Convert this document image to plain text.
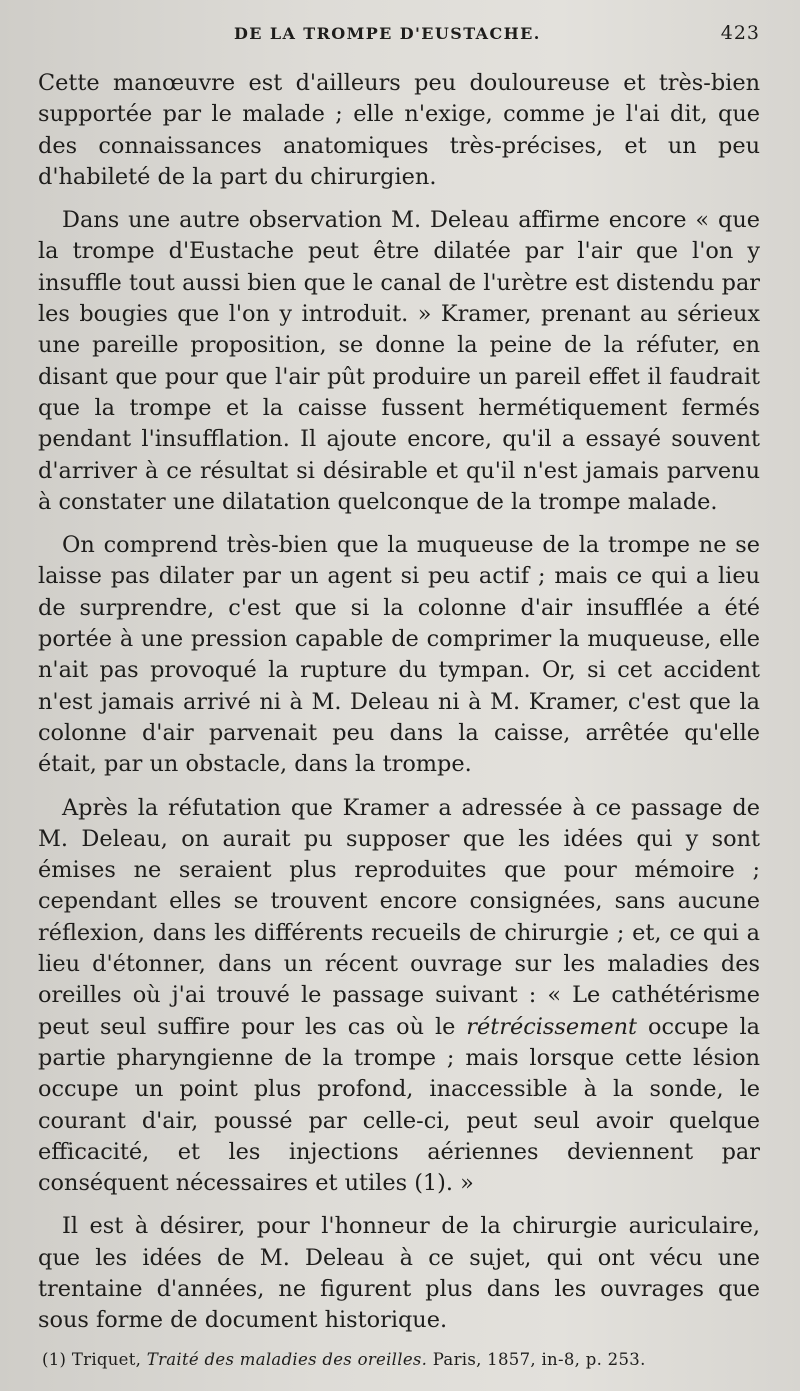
DE LA TROMPE D'EUSTACHE.	423

Cette manœuvre est d'ailleurs peu douloureuse et très-bien supportée par le malade ; elle n'exige, comme je l'ai dit, que des connaissances anatomiques très-précises, et un peu d'habileté de la part du chirurgien.

Dans une autre observation M. Deleau affirme encore « que la trompe d'Eustache peut être dilatée par l'air que l'on y insuffle tout aussi bien que le canal de l'urètre est distendu par les bougies que l'on y introduit. » Kramer, prenant au sérieux une pareille proposition, se donne la peine de la réfuter, en disant que pour que l'air pût produire un pareil effet il faudrait que la trompe et la caisse fussent hermétiquement fermés pendant l'insufflation. Il ajoute encore, qu'il a essayé souvent d'arriver à ce résultat si désirable et qu'il n'est jamais parvenu à constater une dilatation quelconque de la trompe malade.

On comprend très-bien que la muqueuse de la trompe ne se laisse pas dilater par un agent si peu actif ; mais ce qui a lieu de surprendre, c'est que si la colonne d'air insufflée a été portée à une pression capable de comprimer la muqueuse, elle n'ait pas provoqué la rupture du tympan. Or, si cet accident n'est jamais arrivé ni à M. Deleau ni à M. Kramer, c'est que la colonne d'air parvenait peu dans la caisse, arrêtée qu'elle était, par un obstacle, dans la trompe.

Après la réfutation que Kramer a adressée à ce passage de M. Deleau, on aurait pu supposer que les idées qui y sont émises ne seraient plus reproduites que pour mémoire ; cependant elles se trouvent encore consignées, sans aucune réflexion, dans les différents recueils de chirurgie ; et, ce qui a lieu d'étonner, dans un récent ouvrage sur les maladies des oreilles où j'ai trouvé le passage suivant : « Le cathétérisme peut seul suffire pour les cas où le rétrécissement occupe la partie pharyngienne de la trompe ; mais lorsque cette lésion occupe un point plus profond, inaccessible à la sonde, le courant d'air, poussé par celle-ci, peut seul avoir quelque efficacité, et les injections aériennes deviennent par conséquent nécessaires et utiles (1). »

Il est à désirer, pour l'honneur de la chirurgie auriculaire, que les idées de M. Deleau à ce sujet, qui ont vécu une trentaine d'années, ne figurent plus dans les ouvrages que sous forme de document historique.

(1) Triquet, Traité des maladies des oreilles. Paris, 1857, in-8, p. 253.
